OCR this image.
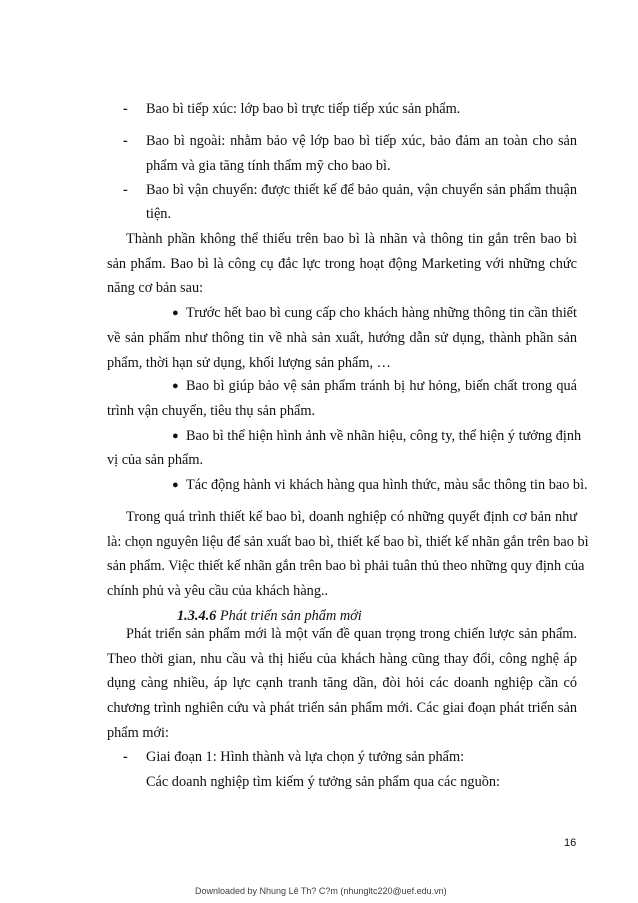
- Bao bì tiếp xúc: lớp bao bì trực tiếp tiếp xúc sản phẩm.
- Bao bì ngoài: nhằm bảo vệ lớp bao bì tiếp xúc, bảo đảm an toàn cho sản
phẩm và gia tăng tính thẩm mỹ cho bao bì.
- Bao bì vận chuyển: được thiết kế để bảo quản, vận chuyển sản phẩm thuận
tiện.
Thành phần không thể thiếu trên bao bì là nhãn và thông tin gắn trên bao bì
sản phẩm. Bao bì là công cụ đắc lực trong hoạt động Marketing với những chức
năng cơ bản sau:
● Trước hết bao bì cung cấp cho khách hàng những thông tin cần thiết
về sản phẩm như thông tin về nhà sản xuất, hướng dẫn sử dụng, thành phần sản
phẩm, thời hạn sử dụng, khối lượng sản phẩm, …
● Bao bì giúp bảo vệ sản phẩm tránh bị hư hỏng, biến chất trong quá
trình vận chuyển, tiêu thụ sản phẩm.
● Bao bì thể hiện hình ảnh về nhãn hiệu, công ty, thể hiện ý tưởng định
vị của sản phẩm.
● Tác động hành vi khách hàng qua hình thức, màu sắc thông tin bao bì.
Trong quá trình thiết kế bao bì, doanh nghiệp có những quyết định cơ bản như
là: chọn nguyên liệu để sản xuất bao bì, thiết kế bao bì, thiết kế nhãn gắn trên bao bì
sản phẩm. Việc thiết kế nhãn gắn trên bao bì phải tuân thủ theo những quy định của
chính phủ và yêu cầu của khách hàng..
1.3.4.6 Phát triển sản phẩm mới
Phát triển sản phẩm mới là một vấn đề quan trọng trong chiến lược sản phẩm.
Theo thời gian, nhu cầu và thị hiếu của khách hàng cũng thay đổi, công nghệ áp
dụng càng nhiều, áp lực cạnh tranh tăng dần, đòi hỏi các doanh nghiệp cần có
chương trình nghiên cứu và phát triển sản phẩm mới. Các giai đoạn phát triển sản
phẩm mới:
- Giai đoạn 1: Hình thành và lựa chọn ý tưởng sản phẩm:
Các doanh nghiệp tìm kiếm ý tưởng sản phẩm qua các nguồn:
16
Downloaded by Nhung Lê Th? C?m (nhungltc220@uef.edu.vn)
